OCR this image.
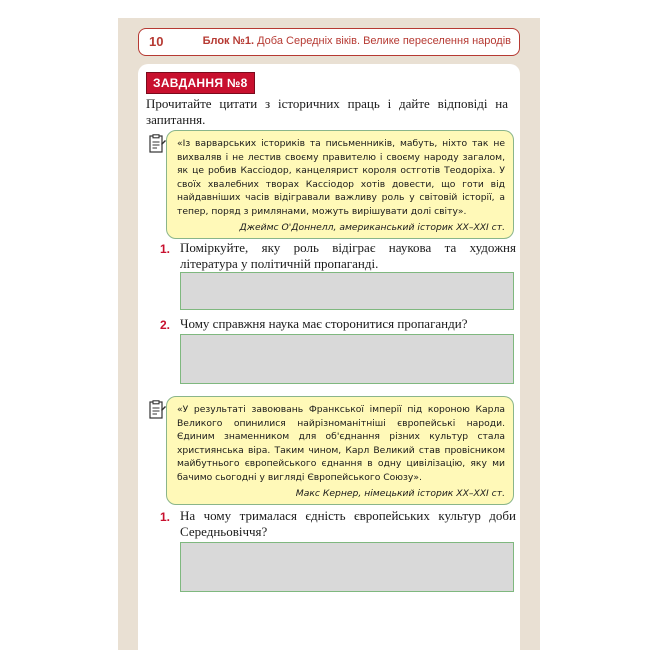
10	Блок №1. Доба Середніх віків. Велике переселення народів
ЗАВДАННЯ №8
Прочитайте цитати з історичних праць і дайте відповіді на запитання.

«Із варварських істориків та письменників, мабуть, ніхто так не вихваляв і не лестив своєму правителю і своєму народу загалом, як це робив Кассіодор, канцелярист короля остготів Теодоріха. У своїх хвалебних творах Кассіодор хотів довести, що готи від найдавніших часів відігравали важливу роль у світовій історії, а тепер, поряд з римлянами, можуть вирішувати долі світу».

Джеймс О'Доннелл, американський історик XX–XXI ст.
1. Поміркуйте, яку роль відіграє наукова та художня література у політичній пропаганді.
2. Чому справжня наука має сторонитися пропаганди?

«У результаті завоювань Франкської імперії під короною Карла Великого опинилися найрізноманітніші європейські народи. Єдиним знаменником для об'єднання різних культур стала християнська віра. Таким чином, Карл Великий став провісником майбутнього європейського єднання в одну цивілізацію, яку ми бачимо сьогодні у вигляді Європейського Союзу».

Макс Кернер, німецький історик XX–XXI ст.
1. На чому трималася єдність європейських культур доби Середньовіччя?
